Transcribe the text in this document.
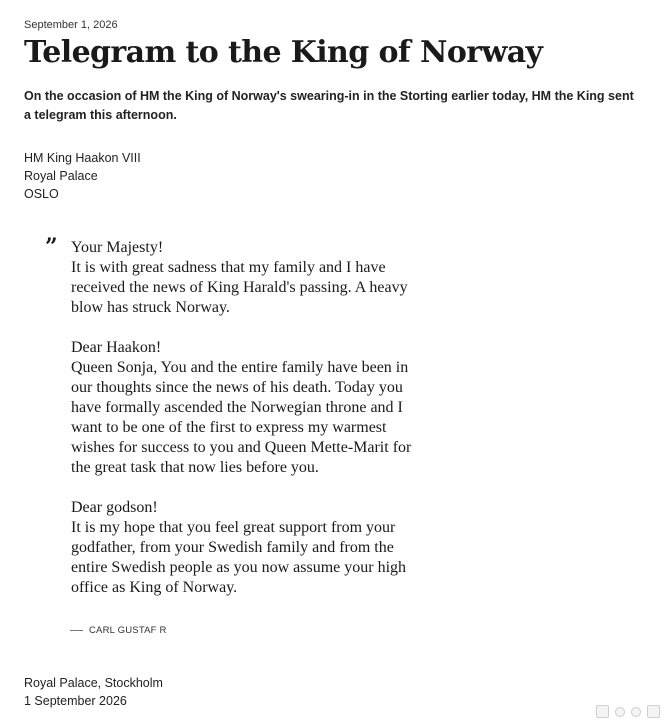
September 1, 2026
Telegram to the King of Norway

On the occasion of HM the King of Norway's swearing-in in the Storting earlier today, HM the King sent a telegram this afternoon.

HM King Haakon VIII
Royal Palace
OSLO
” Your Majesty!
It is with great sadness that my family and I have
received the news of King Harald's passing. A heavy
blow has struck Norway.

Dear Haakon!
Queen Sonja, You and the entire family have been in
our thoughts since the news of his death. Today you
have formally ascended the Norwegian throne and I
want to be one of the first to express my warmest
wishes for success to you and Queen Mette-Marit for
the great task that now lies before you.

Dear godson!
It is my hope that you feel great support from your
godfather, from your Swedish family and from the
entire Swedish people as you now assume your high
office as King of Norway.

CARL GUSTAF R
Royal Palace, Stockholm
1 September 2026
